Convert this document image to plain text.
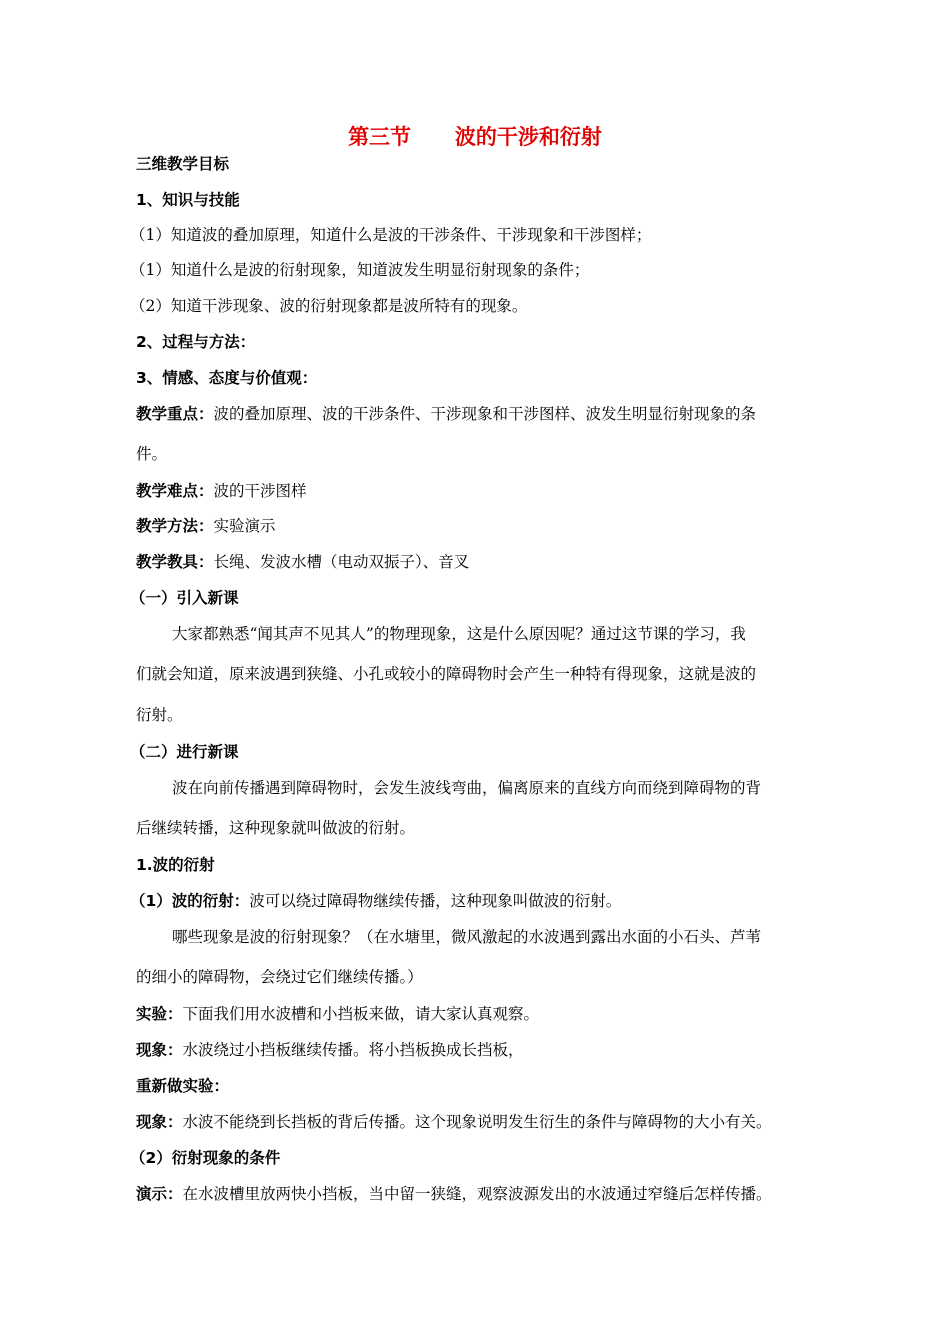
第三节      波的干涉和衍射
三维教学目标
1、知识与技能
（1）知道波的叠加原理，知道什么是波的干涉条件、干涉现象和干涉图样；
（1）知道什么是波的衍射现象，知道波发生明显衍射现象的条件；
（2）知道干涉现象、波的衍射现象都是波所特有的现象。
2、过程与方法：
3、情感、态度与价值观：
教学重点：波的叠加原理、波的干涉条件、干涉现象和干涉图样、波发生明显衍射现象的条
件。
教学难点：波的干涉图样
教学方法：实验演示
教学教具：长绳、发波水槽（电动双振子）、音叉
（一）引入新课
大家都熟悉“闻其声不见其人”的物理现象，这是什么原因呢？通过这节课的学习，我
们就会知道，原来波遇到狭缝、小孔或较小的障碍物时会产生一种特有得现象，这就是波的
衍射。
（二）进行新课
波在向前传播遇到障碍物时，会发生波线弯曲，偏离原来的直线方向而绕到障碍物的背
后继续转播，这种现象就叫做波的衍射。
1.波的衍射
（1）波的衍射：波可以绕过障碍物继续传播，这种现象叫做波的衍射。
哪些现象是波的衍射现象？（在水塘里，微风激起的水波遇到露出水面的小石头、芦苇
的细小的障碍物，会绕过它们继续传播。）
实验：下面我们用水波槽和小挡板来做，请大家认真观察。
现象：水波绕过小挡板继续传播。将小挡板换成长挡板，
重新做实验：
现象：水波不能绕到长挡板的背后传播。这个现象说明发生衍生的条件与障碍物的大小有关。
（2）衍射现象的条件
演示：在水波槽里放两快小挡板，当中留一狭缝，观察波源发出的水波通过窄缝后怎样传播。
